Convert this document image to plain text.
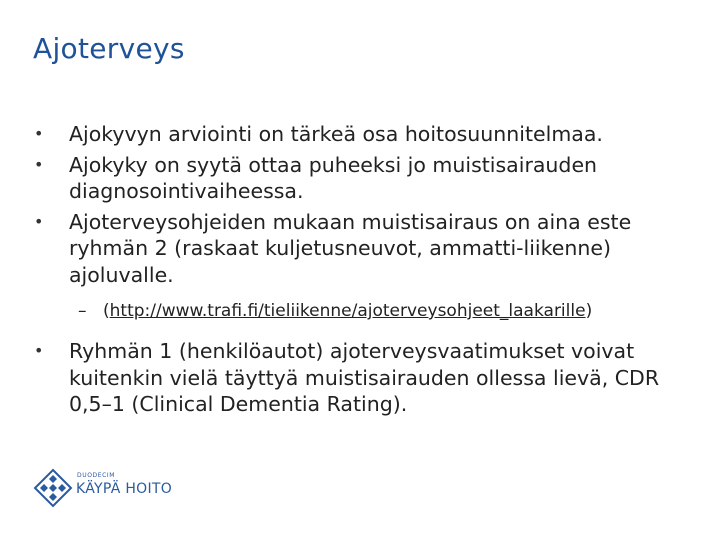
Ajoterveys
• Ajokyvyn arviointi on tärkeä osa hoitosuunnitelmaa.
• Ajokyky on syytä ottaa puheeksi jo muistisairauden diagnosointivaiheessa.
• Ajoterveysohjeiden mukaan muistisairaus on aina este ryhmän 2 (raskaat kuljetusneuvot, ammatti-liikenne) ajoluvalle.
– (http://www.trafi.fi/tieliikenne/ajoterveysohjeet_laakarille)
• Ryhmän 1 (henkilöautot) ajoterveysvaatimukset voivat kuitenkin vielä täyttyä muistisairauden ollessa lievä, CDR 0,5–1 (Clinical Dementia Rating).
DUODECIM
KÄYPÄ HOITO
